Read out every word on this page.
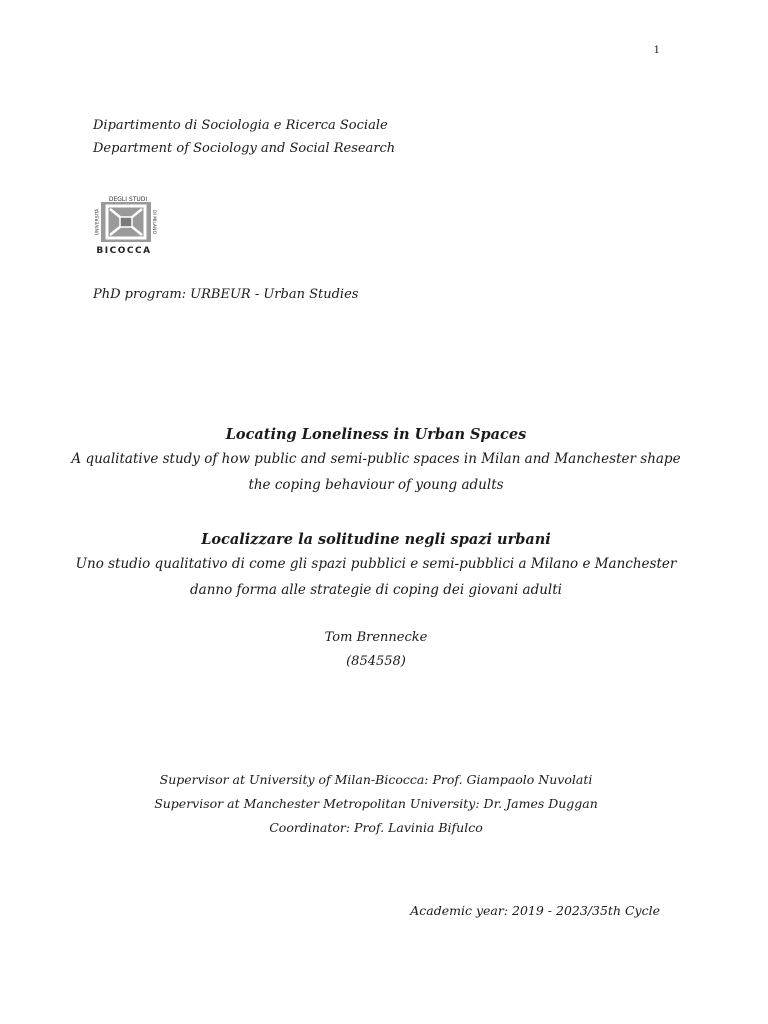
1
Dipartimento di Sociologia e Ricerca Sociale
Department of Sociology and Social Research
DEGLI STUDI
UNIVERSITÀ	DI MILANO
BICOCCA
PhD program: URBEUR - Urban Studies
Locating Loneliness in Urban Spaces
A qualitative study of how public and semi-public spaces in Milan and Manchester shape
the coping behaviour of young adults
Localizzare la solitudine negli spazi urbani
Uno studio qualitativo di come gli spazi pubblici e semi-pubblici a Milano e Manchester
danno forma alle strategie di coping dei giovani adulti
Tom Brennecke
(854558)
Supervisor at University of Milan-Bicocca: Prof. Giampaolo Nuvolati
Supervisor at Manchester Metropolitan University: Dr. James Duggan
Coordinator: Prof. Lavinia Bifulco
Academic year: 2019 - 2023/35th Cycle
